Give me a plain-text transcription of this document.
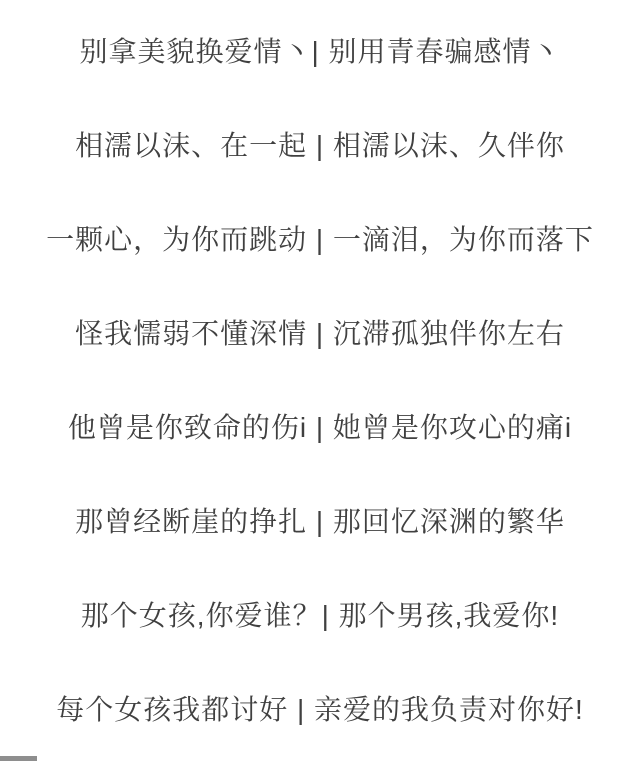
别拿美貌换爱情丶| 别用青春骗感情丶

相濡以沫、在一起 | 相濡以沫、久伴你

一颗心，为你而跳动 | 一滴泪，为你而落下

怪我懦弱不懂深情 | 沉滞孤独伴你左右

他曾是你致命的伤i | 她曾是你攻心的痛i

那曾经断崖的挣扎 | 那回忆深渊的繁华

那个女孩,你爱谁？| 那个男孩,我爱你!

每个女孩我都讨好 | 亲爱的我负责对你好!
